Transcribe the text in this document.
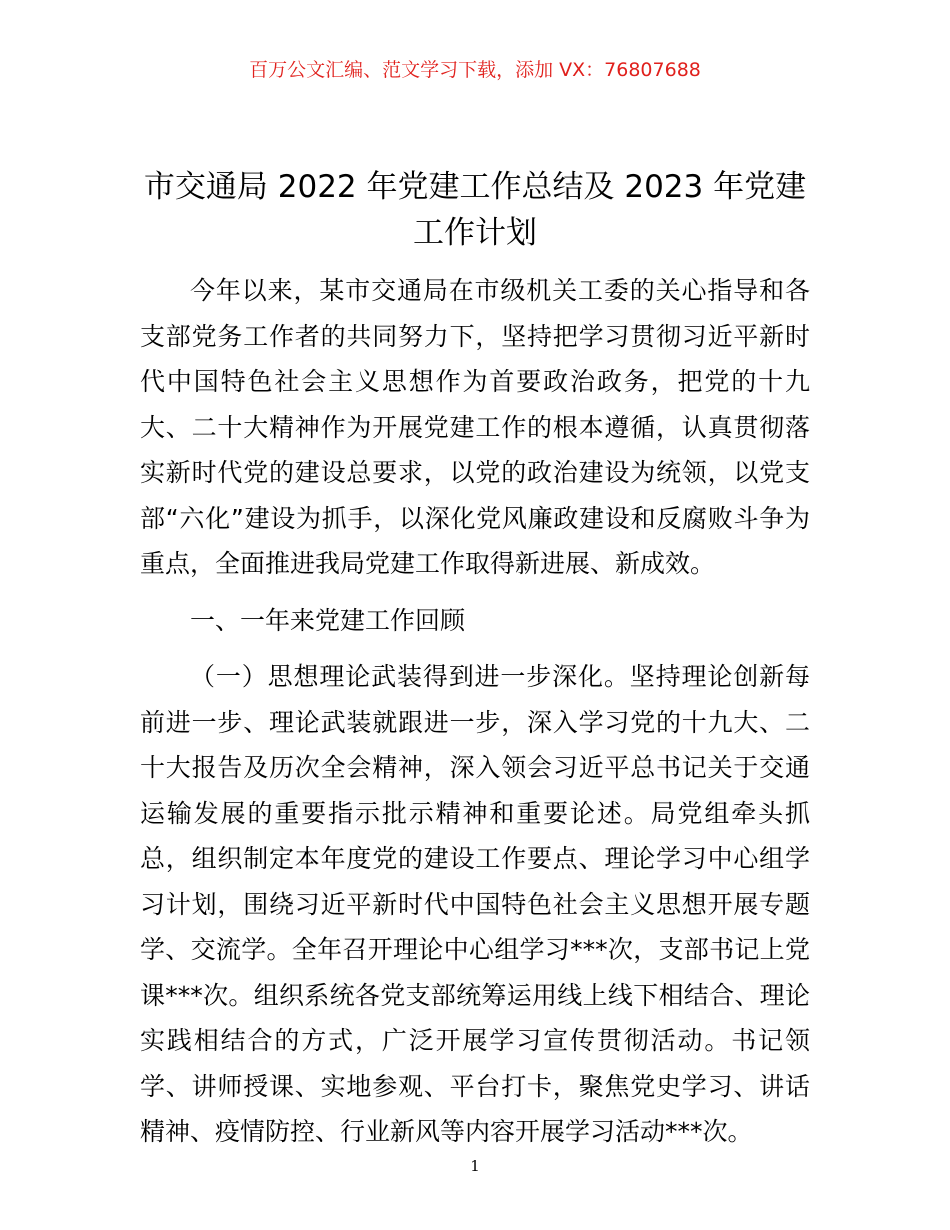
百万公文汇编、范文学习下载，添加 VX：76807688
市交通局 2022 年党建工作总结及 2023 年党建
工作计划

今年以来，某市交通局在市级机关工委的关心指导和各支部党务工作者的共同努力下，坚持把学习贯彻习近平新时代中国特色社会主义思想作为首要政治政务，把党的十九大、二十大精神作为开展党建工作的根本遵循，认真贯彻落实新时代党的建设总要求，以党的政治建设为统领，以党支部“六化”建设为抓手，以深化党风廉政建设和反腐败斗争为重点，全面推进我局党建工作取得新进展、新成效。

一、一年来党建工作回顾

（一）思想理论武装得到进一步深化。坚持理论创新每前进一步、理论武装就跟进一步，深入学习党的十九大、二十大报告及历次全会精神，深入领会习近平总书记关于交通运输发展的重要指示批示精神和重要论述。局党组牵头抓总，组织制定本年度党的建设工作要点、理论学习中心组学习计划，围绕习近平新时代中国特色社会主义思想开展专题学、交流学。全年召开理论中心组学习***次，支部书记上党课***次。组织系统各党支部统筹运用线上线下相结合、理论实践相结合的方式，广泛开展学习宣传贯彻活动。书记领学、讲师授课、实地参观、平台打卡，聚焦党史学习、讲话精神、疫情防控、行业新风等内容开展学习活动***次。

1
